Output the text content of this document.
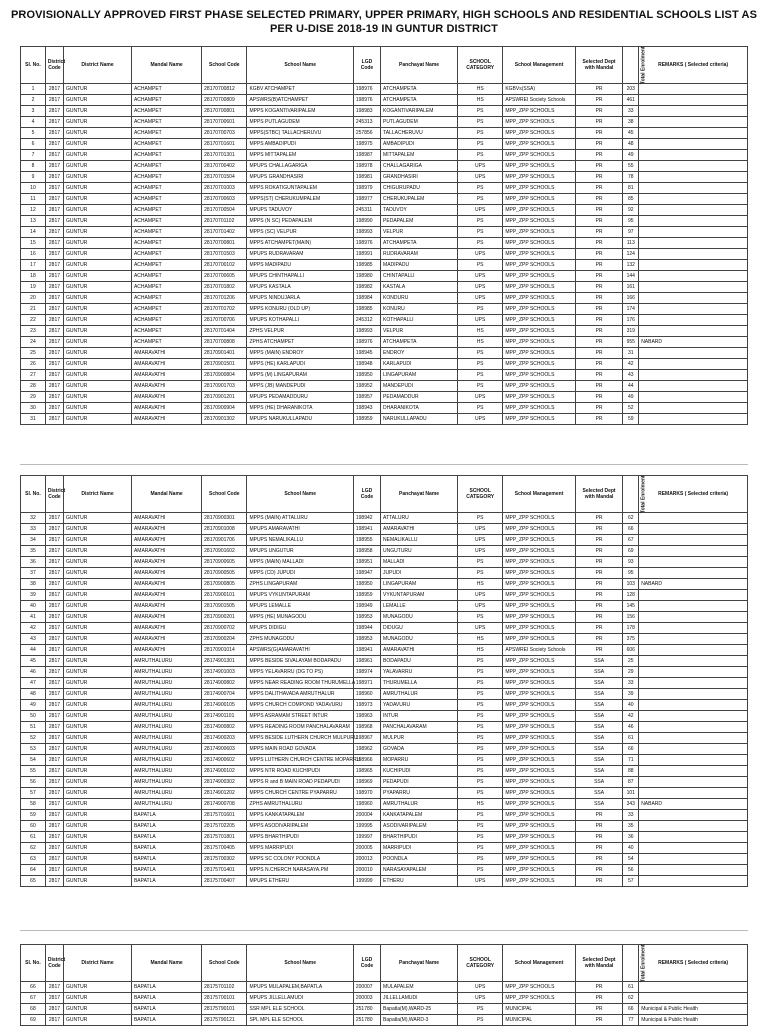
PROVISIONALLY APPROVED FIRST PHASE SELECTED PRIMARY, UPPER PRIMARY, HIGH SCHOOLS AND RESIDENTIAL SCHOOLS LIST AS PER U-DISE 2018-19 IN GUNTUR DISTRICT
Sl. No.	District Code	District Name	Mandal Name	School Code	School Name	LGD Code	Panchayat Name	SCHOOL CATEGORY	School Management	Selected Dept with Mandal	Total Enrolment	REMARKS ( Selected criteria)
1	2817	GUNTUR	ACHAMPET	28170700812	KGBV ATCHAMPET	198976	ATCHAMPETA	HS	KGBVs(SSA)	PR	203	
2	2817	GUNTUR	ACHAMPET	28170700809	APSWRS(B)ATCHAMPET	198976	ATCHAMPETA	HS	APSWREI Society Schools	PR	461	
3	2817	GUNTUR	ACHAMPET	28170700801	MPPS KOGANTIVARIPALEM	198983	KOGANTIVARIPALEM	PS	MPP_ZPP SCHOOLS	PR	33	
4	2817	GUNTUR	ACHAMPET	28170700601	MPPS PUTLAGUDEM	245313	PUTLAGUDEM	PS	MPP_ZPP SCHOOLS	PR	38	
5	2817	GUNTUR	ACHAMPET	28170700703	MPPS(STBC) TALLACHERUVU	257856	TALLACHERUVU	PS	MPP_ZPP SCHOOLS	PR	45	
6	2817	GUNTUR	ACHAMPET	28170701601	MPPS AMBADIPUDI	198975	AMBADIPUDI	PS	MPP_ZPP SCHOOLS	PR	48	
7	2817	GUNTUR	ACHAMPET	28170701301	MPPS MITTAPALEM	198987	MITTAPALEM	PS	MPP_ZPP SCHOOLS	PR	49	
8	2817	GUNTUR	ACHAMPET	28170700402	MPUPS CHALLAGARIGA	198978	CHALLAGARIGA	UPS	MPP_ZPP SCHOOLS	PR	55	
9	2817	GUNTUR	ACHAMPET	28170701504	MPUPS GRANDHASIRI	198981	GRANDHASIRI	UPS	MPP_ZPP SCHOOLS	PR	78	
10	2817	GUNTUR	ACHAMPET	28170701003	MPPS ROKATIGUNTAPALEM	198979	CHIGURUPADU	PS	MPP_ZPP SCHOOLS	PR	81	
11	2817	GUNTUR	ACHAMPET	28170700603	MPPS(ST) CHERUKUMPALEM	198977	CHERUKUPALEM	PS	MPP_ZPP SCHOOLS	PR	85	
12	2817	GUNTUR	ACHAMPET	28170700504	MPUPS TADUVOY	245311	TADUVOY	UPS	MPP_ZPP SCHOOLS	PR	92	
13	2817	GUNTUR	ACHAMPET	28170701102	MPPS (N SC) PEDAPALEM	198990	PEDAPALEM	PS	MPP_ZPP SCHOOLS	PR	95	
14	2817	GUNTUR	ACHAMPET	28170701402	MPPS (SC) VELPUR	198993	VELPUR	PS	MPP_ZPP SCHOOLS	PR	97	
15	2817	GUNTUR	ACHAMPET	28170700801	MPPS ATCHAMPET(MAIN)	198976	ATCHAMPETA	PS	MPP_ZPP SCHOOLS	PR	113	
16	2817	GUNTUR	ACHAMPET	28170701503	MPUPS RUDRAVARAM	198991	RUDRAVARAM	UPS	MPP_ZPP SCHOOLS	PR	124	
17	2817	GUNTUR	ACHAMPET	28170700102	MPPS MADIPADU	198985	MADIPADU	PS	MPP_ZPP SCHOOLS	PR	132	
18	2817	GUNTUR	ACHAMPET	28170700605	MPUPS CHINTHAPALLI	198980	CHINTAPALLI	UPS	MPP_ZPP SCHOOLS	PR	144	
19	2817	GUNTUR	ACHAMPET	28170701802	MPUPS KASTALA	198982	KASTALA	UPS	MPP_ZPP SCHOOLS	PR	161	
20	2817	GUNTUR	ACHAMPET	28170701206	MPUPS NINDUJARLA	198984	KONDURU	UPS	MPP_ZPP SCHOOLS	PR	166	
21	2817	GUNTUR	ACHAMPET	28170701702	MPPS KONURU (OLD UP)	198985	KONURU	PS	MPP_ZPP SCHOOLS	PR	174	
22	2817	GUNTUR	ACHAMPET	28170700706	MPUPS KOTHAPALLI	245312	KOTHAPALLI	UPS	MPP_ZPP SCHOOLS	PR	176	
23	2817	GUNTUR	ACHAMPET	28170701404	ZPHS VELPUR	198993	VELPUR	HS	MPP_ZPP SCHOOLS	PR	319	
24	2817	GUNTUR	ACHAMPET	28170700808	ZPHS ATCHAMPET	198976	ATCHAMPETA	HS	MPP_ZPP SCHOOLS	PR	955	NABARD
25	2817	GUNTUR	AMARAVATHI	28170901401	MPPS (MAIN) ENDROY	198945	ENDROY	PS	MPP_ZPP SCHOOLS	PR	31	
26	2817	GUNTUR	AMARAVATHI	28170901501	MPPS (HE) KARLAPUDI	198948	KARLAPUDI	PS	MPP_ZPP SCHOOLS	PR	42	
27	2817	GUNTUR	AMARAVATHI	28170900804	MPPS (M) LINGAPURAM	198950	LINGAPURAM	PS	MPP_ZPP SCHOOLS	PR	43	
28	2817	GUNTUR	AMARAVATHI	28170901703	MPPS (JB) MANDEPUDI	198952	MANDEPUDI	PS	MPP_ZPP SCHOOLS	PR	44	
29	2817	GUNTUR	AMARAVATHI	28170901201	MPUPS PEDAMADDURU	198957	PEDAMADDUR	UPS	MPP_ZPP SCHOOLS	PR	49	
30	2817	GUNTUR	AMARAVATHI	28170900904	MPPS (HE) DHARANIKOTA	198943	DHARANIKOTA	PS	MPP_ZPP SCHOOLS	PR	52	
31	2817	GUNTUR	AMARAVATHI	28170901302	MPUPS NARUKULLAPADU	198959	NARUKULLAPADU	UPS	MPP_ZPP SCHOOLS	PR	59	
Sl. No.	District Code	District Name	Mandal Name	School Code	School Name	LGD Code	Panchayat Name	SCHOOL CATEGORY	School Management	Selected Dept with Mandal	Total Enrolment	REMARKS ( Selected criteria)
32	2817	GUNTUR	AMARAVATHI	28170900301	MPPS (MAIN) ATTALURU	198942	ATTALURU	PS	MPP_ZPP SCHOOLS	PR	62	
33	2817	GUNTUR	AMARAVATHI	28170901008	MPUPS AMARAVATHI	198941	AMARAVATHI	UPS	MPP_ZPP SCHOOLS	PR	66	
34	2817	GUNTUR	AMARAVATHI	28170901706	MPUPS NEMALIKALLU	198955	NEMALIKALLU	UPS	MPP_ZPP SCHOOLS	PR	67	
35	2817	GUNTUR	AMARAVATHI	28170901602	MPUPS UNGUTUR	198958	UNGUTURU	UPS	MPP_ZPP SCHOOLS	PR	69	
36	2817	GUNTUR	AMARAVATHI	28170900605	MPPS (MAIN) MALLADI	198951	MALLADI	PS	MPP_ZPP SCHOOLS	PR	93	
37	2817	GUNTUR	AMARAVATHI	28170900505	MPPS (CD) JUPUDI	198947	JUPUDI	PS	MPP_ZPP SCHOOLS	PR	95	
38	2817	GUNTUR	AMARAVATHI	28170900805	ZPHS LINGAPURAM	198950	LINGAPURAM	HS	MPP_ZPP SCHOOLS	PR	103	NABARD
39	2817	GUNTUR	AMARAVATHI	28170900101	MPUPS VYKUNTAPURAM	198959	VYKUNTAPURAM	UPS	MPP_ZPP SCHOOLS	PR	128	
40	2817	GUNTUR	AMARAVATHI	28170901505	MPUPS LEMALLE	198949	LEMALLE	UPS	MPP_ZPP SCHOOLS	PR	145	
41	2817	GUNTUR	AMARAVATHI	28170900201	MPPS (HE) MUNAGODU	198953	MUNAGODU	PS	MPP_ZPP SCHOOLS	PR	156	
42	2817	GUNTUR	AMARAVATHI	28170900702	MPUPS DIDIGU	198944	DIDUGU	UPS	MPP_ZPP SCHOOLS	PR	178	
43	2817	GUNTUR	AMARAVATHI	28170900204	ZPHS MUNAGODU	198953	MUNAGODU	HS	MPP_ZPP SCHOOLS	PR	375	
44	2817	GUNTUR	AMARAVATHI	28170901014	APSWRS(G)AMARAVATHI	198941	AMARAVATHI	HS	APSWREI Society Schools	PR	606	
45	2817	GUNTUR	AMRUTHALURU	28174901301	MPPS BESIDE SIVALAYAM BODAPADU	198961	BODAPADU	PS	MPP_ZPP SCHOOLS	SSA	25	
46	2817	GUNTUR	AMRUTHALURU	28174901003	MPPS YELAVARRU (DG TO PS)	198974	YALAVARRU	PS	MPP_ZPP SCHOOLS	SSA	29	
47	2817	GUNTUR	AMRUTHALURU	28174900802	MPPS NEAR READING ROOM THURUMELLA	198971	THURUMELLA	PS	MPP_ZPP SCHOOLS	SSA	33	
48	2817	GUNTUR	AMRUTHALURU	28174900704	MPPS DALITHAVADA AMRUTHALUR	198960	AMRUTHALUR	PS	MPP_ZPP SCHOOLS	SSA	39	
49	2817	GUNTUR	AMRUTHALURU	28174900105	MPPS CHURCH COMPOND YADAVURU	198973	YADAVURU	PS	MPP_ZPP SCHOOLS	SSA	40	
50	2817	GUNTUR	AMRUTHALURU	28174901101	MPPS ASRAMAM STREET INTUR	198963	INTUR	PS	MPP_ZPP SCHOOLS	SSA	42	
51	2817	GUNTUR	AMRUTHALURU	28174900802	MPPS READING ROOM PANCHALAVARAM	198968	PANCHALAVARAM	PS	MPP_ZPP SCHOOLS	SSA	46	
52	2817	GUNTUR	AMRUTHALURU	28174900203	MPPS BESIDE LUTHERN CHURCH MULPURU	198967	MULPUR	PS	MPP_ZPP SCHOOLS	SSA	61	
53	2817	GUNTUR	AMRUTHALURU	28174900603	MPPS MAIN ROAD GOVADA	198962	GOVADA	PS	MPP_ZPP SCHOOLS	SSA	66	
54	2817	GUNTUR	AMRUTHALURU	28174900602	MPPS LUTHERN CHURCH CENTRE MOPARRU	198966	MOPARRU	PS	MPP_ZPP SCHOOLS	SSA	71	
55	2817	GUNTUR	AMRUTHALURU	28174900102	MPPS NTR ROAD KUCHIPUDI	198965	KUCHIPUDI	PS	MPP_ZPP SCHOOLS	SSA	88	
56	2817	GUNTUR	AMRUTHALURU	28174900302	MPPS R and B MAIN ROAD PEDAPUDI	198969	PEDAPUDI	PS	MPP_ZPP SCHOOLS	SSA	87	
57	2817	GUNTUR	AMRUTHALURU	28174901202	MPPS CHURCH CENTRE PYAPARRU	198970	PYAPARRU	PS	MPP_ZPP SCHOOLS	SSA	101	
58	2817	GUNTUR	AMRUTHALURU	28174900708	ZPHS AMRUTHALURU	198960	AMRUTHALUR	HS	MPP_ZPP SCHOOLS	SSA	343	NABARD
59	2817	GUNTUR	BAPATLA	28175701601	MPPS KANKATAPALEM	200004	KANKATAPALEM	PS	MPP_ZPP SCHOOLS	PR	33	
60	2817	GUNTUR	BAPATLA	28175702205	MPPS ASODIVARIPALEM	199995	ASODIVARIPALEM	PS	MPP_ZPP SCHOOLS	PR	35	
61	2817	GUNTUR	BAPATLA	28175701801	MPPS BHARTHIPUDI	199997	BHARTHIPUDI	PS	MPP_ZPP SCHOOLS	PR	36	
62	2817	GUNTUR	BAPATLA	28175700405	MPPS MARRIPUDI	200005	MARRIPUDI	PS	MPP_ZPP SCHOOLS	PR	40	
63	2817	GUNTUR	BAPATLA	28175700302	MPPS SC COLONY POONDLA	200013	POONDLA	PS	MPP_ZPP SCHOOLS	PR	54	
64	2817	GUNTUR	BAPATLA	28175701401	MPPS N.CHERCH NARASAYA.PM	200010	NARASAYAPALEM	PS	MPP_ZPP SCHOOLS	PR	56	
65	2817	GUNTUR	BAPATLA	28175700407	MPUPS ETHERU	199999	ETHERU	UPS	MPP_ZPP SCHOOLS	PR	57	
Sl. No.	District Code	District Name	Mandal Name	School Code	School Name	LGD Code	Panchayat Name	SCHOOL CATEGORY	School Management	Selected Dept with Mandal	Total Enrolment	REMARKS ( Selected criteria)
66	2817	GUNTUR	BAPATLA	28175701102	MPUPS MULAPALEM,BAPATLA	200007	MULAPALEM	UPS	MPP_ZPP SCHOOLS	PR	61	
67	2817	GUNTUR	BAPATLA	28175700101	MPUPS JILLELLAMUDI	200003	JILLELLAMUDI	UPS	MPP_ZPP SCHOOLS	PR	62	
68	2817	GUNTUR	BAPATLA	28175790101	SSR MPL ELE SCHOOL	251780	Bapatla(M),WARD-25	PS	MUNICIPAL	PR	66	Municipal & Public Health
69	2817	GUNTUR	BAPATLA	28175790121	SPL MPL ELE SCHOOL	251780	Bapatla(M),WARD-3	PS	MUNICIPAL	PR	77	Municipal & Public Health
